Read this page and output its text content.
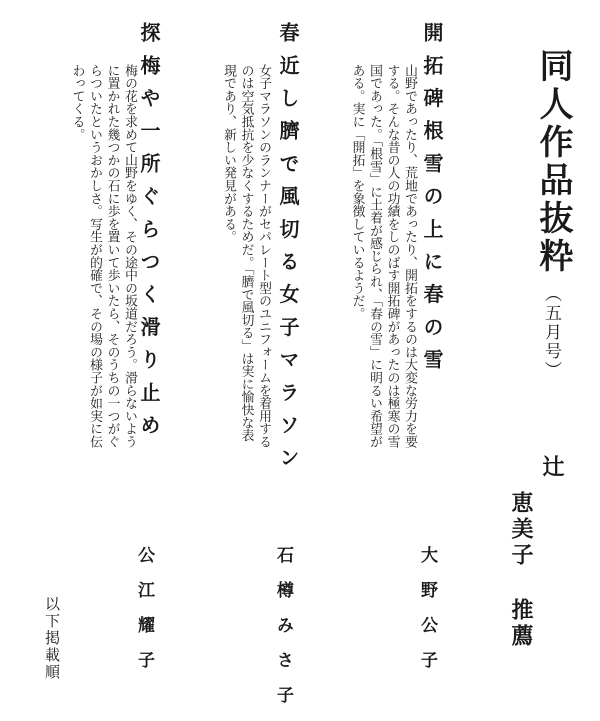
同人作品抜粋
（五月号）
辻
恵美子 推薦
開拓碑根雪の上に春の雪
大野公子
山野であったり、荒地であったり、開拓をするのは大変な労力を要する。そんな昔の人の功績をしのばす開拓碑があったのは極寒の雪国であった。「根雪」に土着が感じられ、「春の雪」に明るい希望がある。実に「開拓」を象徴しているようだ。
春近し臍で風切る女子マラソン
石樽みさ子
女子マラソンのランナーがセパレート型のユニフォームを着用するのは空気抵抗を少なくするためだ。「臍で風切る」は実に愉快な表現であり、新しい発見がある。
探梅や一所ぐらつく滑り止め
公江耀子
梅の花を求めて山野をゆく、その途中の坂道だろう。滑らないように置かれた幾つかの石に歩を置いて歩いたら、そのうちの一つがぐらついたというおかしさ。写生が的確で、その場の様子が如実に伝わってくる。
以下掲載順
